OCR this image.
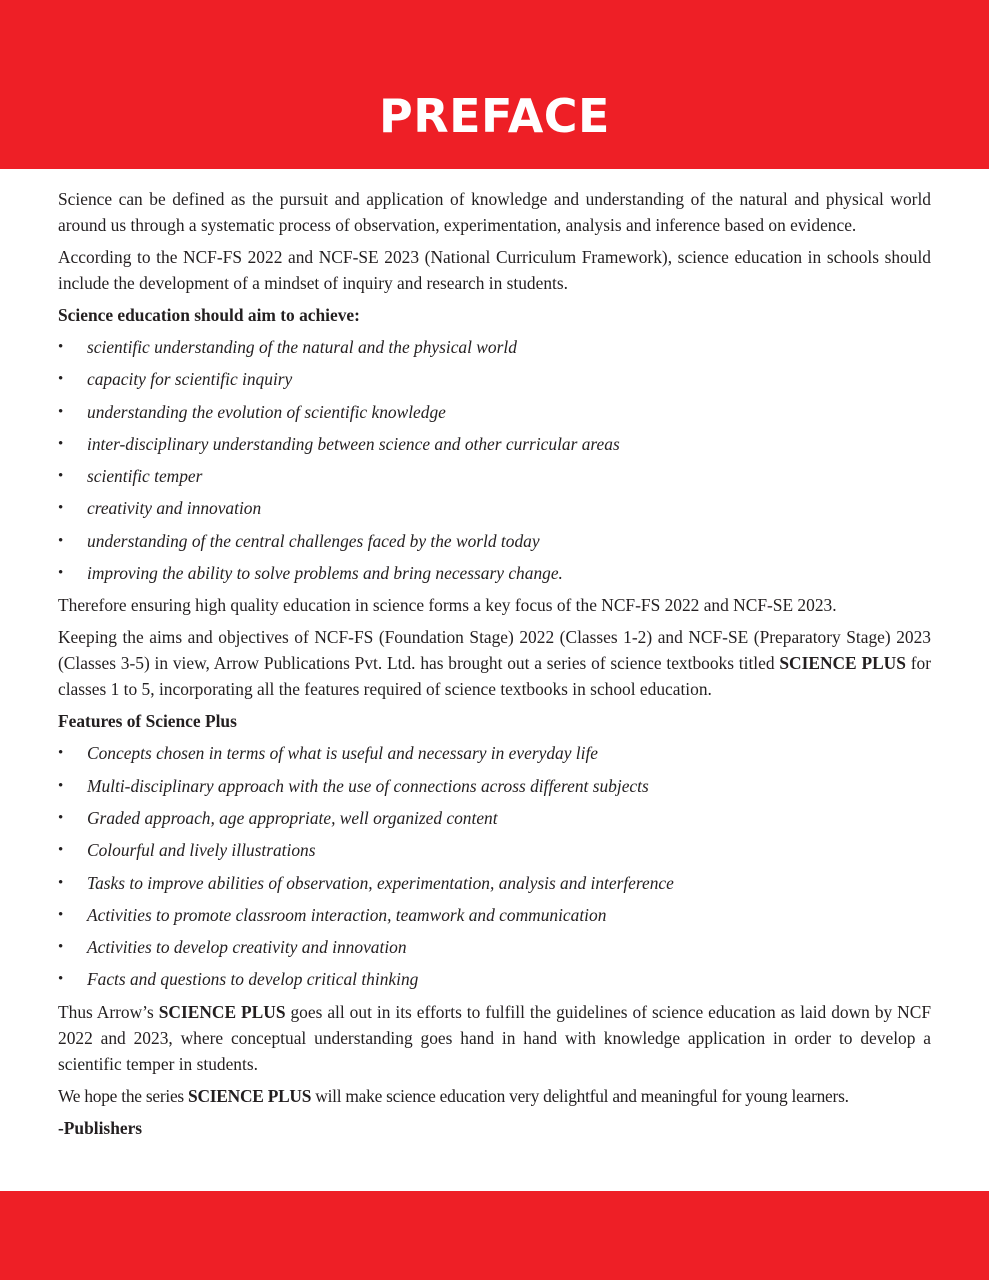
PREFACE

Science can be defined as the pursuit and application of knowledge and understanding of the natural and physical world around us through a systematic process of observation, experimentation, analysis and inference based on evidence.

According to the NCF-FS 2022 and NCF-SE 2023 (National Curriculum Framework), science education in schools should include the development of a mindset of inquiry and research in students.

Science education should aim to achieve:
• scientific understanding of the natural and the physical world
• capacity for scientific inquiry
• understanding the evolution of scientific knowledge
• inter-disciplinary understanding between science and other curricular areas
• scientific temper
• creativity and innovation
• understanding of the central challenges faced by the world today
• improving the ability to solve problems and bring necessary change.

Therefore ensuring high quality education in science forms a key focus of the NCF-FS 2022 and NCF-SE 2023.

Keeping the aims and objectives of NCF-FS (Foundation Stage) 2022 (Classes 1-2) and NCF-SE (Preparatory Stage) 2023 (Classes 3-5) in view, Arrow Publications Pvt. Ltd. has brought out a series of science textbooks titled SCIENCE PLUS for classes 1 to 5, incorporating all the features required of science textbooks in school education.

Features of Science Plus
• Concepts chosen in terms of what is useful and necessary in everyday life
• Multi-disciplinary approach with the use of connections across different subjects
• Graded approach, age appropriate, well organized content
• Colourful and lively illustrations
• Tasks to improve abilities of observation, experimentation, analysis and interference
• Activities to promote classroom interaction, teamwork and communication
• Activities to develop creativity and innovation
• Facts and questions to develop critical thinking

Thus Arrow’s SCIENCE PLUS goes all out in its efforts to fulfill the guidelines of science education as laid down by NCF 2022 and 2023, where conceptual understanding goes hand in hand with knowledge application in order to develop a scientific temper in students.

We hope the series SCIENCE PLUS will make science education very delightful and meaningful for young learners.

-Publishers
